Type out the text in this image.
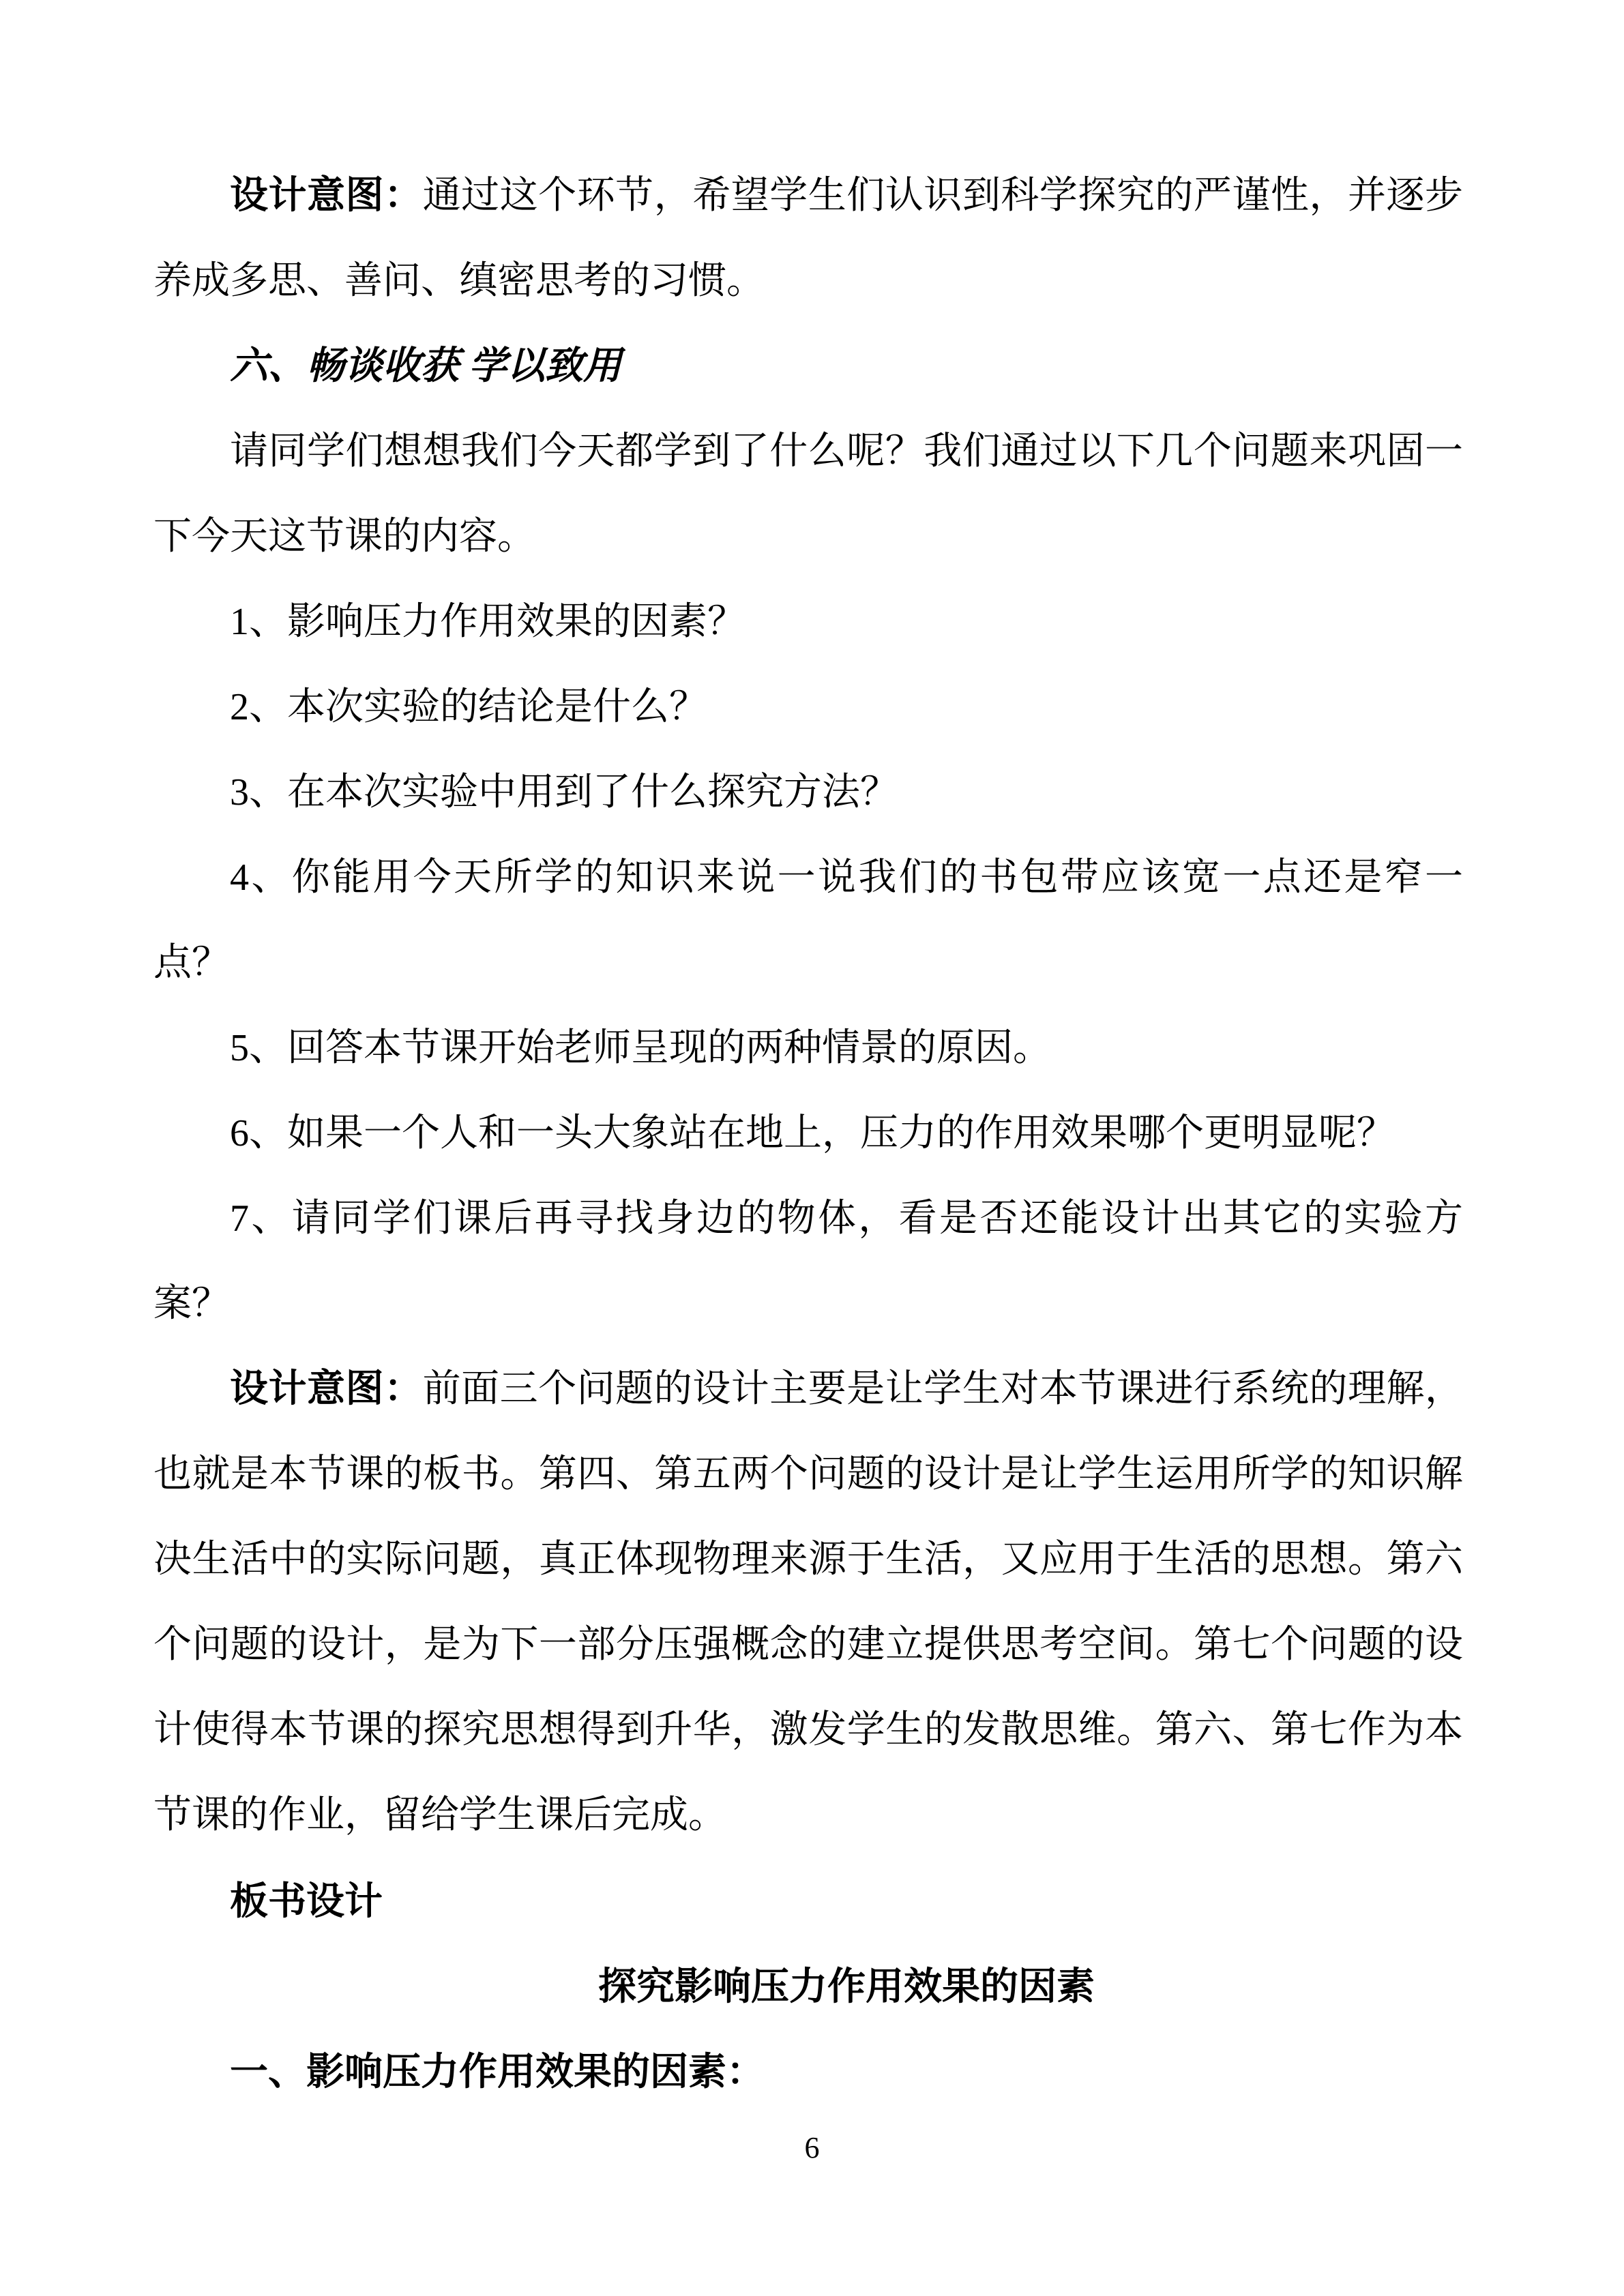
设计意图：通过这个环节，希望学生们认识到科学探究的严谨性，并逐步
养成多思、善问、缜密思考的习惯。
六、畅谈收获 学以致用
请同学们想想我们今天都学到了什么呢？我们通过以下几个问题来巩固一
下今天这节课的内容。
1、影响压力作用效果的因素？
2、本次实验的结论是什么？
3、在本次实验中用到了什么探究方法？
4、你能用今天所学的知识来说一说我们的书包带应该宽一点还是窄一
点？
5、回答本节课开始老师呈现的两种情景的原因。
6、如果一个人和一头大象站在地上，压力的作用效果哪个更明显呢？
7、请同学们课后再寻找身边的物体，看是否还能设计出其它的实验方
案？
设计意图：前面三个问题的设计主要是让学生对本节课进行系统的理解，
也就是本节课的板书。第四、第五两个问题的设计是让学生运用所学的知识解
决生活中的实际问题，真正体现物理来源于生活，又应用于生活的思想。第六
个问题的设计，是为下一部分压强概念的建立提供思考空间。第七个问题的设
计使得本节课的探究思想得到升华，激发学生的发散思维。第六、第七作为本
节课的作业，留给学生课后完成。
板书设计
探究影响压力作用效果的因素
一、影响压力作用效果的因素：
6
